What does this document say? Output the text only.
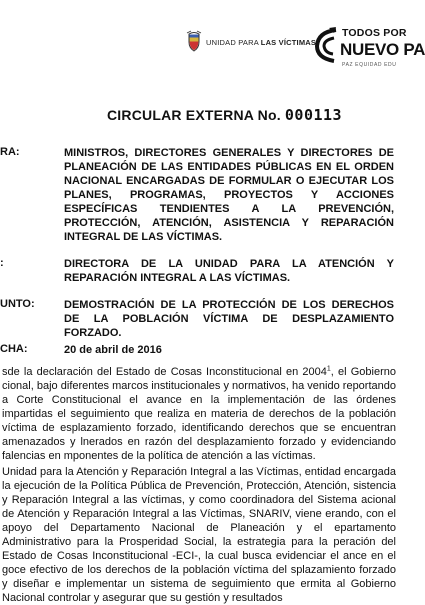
UNIDAD PARA LAS VÍCTIMAS
TODOS POR
NUEVO PA
PAZ EQUIDAD EDU
CIRCULAR EXTERNA No. 000113
RA:	MINISTROS, DIRECTORES GENERALES Y DIRECTORES DE PLANEACIÓN DE LAS ENTIDADES PÚBLICAS EN EL ORDEN NACIONAL ENCARGADAS DE FORMULAR O EJECUTAR LOS PLANES, PROGRAMAS, PROYECTOS Y ACCIONES ESPECÍFICAS TENDIENTES A LA PREVENCIÓN, PROTECCIÓN, ATENCIÓN, ASISTENCIA Y REPARACIÓN INTEGRAL DE LAS VÍCTIMAS.
:	DIRECTORA DE LA UNIDAD PARA LA ATENCIÓN Y REPARACIÓN INTEGRAL A LAS VÍCTIMAS.
UNTO:	DEMOSTRACIÓN DE LA PROTECCIÓN DE LOS DERECHOS DE LA POBLACIÓN VÍCTIMA DE DESPLAZAMIENTO FORZADO.
CHA:	20 de abril de 2016
sde la declaración del Estado de Cosas Inconstitucional en 2004$^1$, el Gobierno cional, bajo diferentes marcos institucionales y normativos, ha venido reportando a Corte Constitucional el avance en la implementación de las órdenes impartidas el seguimiento que realiza en materia de derechos de la población víctima de esplazamiento forzado, identificando derechos que se encuentran amenazados y lnerados en razón del desplazamiento forzado y evidenciando falencias en mponentes de la política de atención a las víctimas.
Unidad para la Atención y Reparación Integral a las Víctimas, entidad encargada la ejecución de la Política Pública de Prevención, Protección, Atención, sistencia y Reparación Integral a las víctimas, y como coordinadora del Sistema acional de Atención y Reparación Integral a las Víctimas, SNARIV, viene erando, con el apoyo del Departamento Nacional de Planeación y el epartamento Administrativo para la Prosperidad Social, la estrategia para la peración del Estado de Cosas Inconstitucional -ECI-, la cual busca evidenciar el ance en el goce efectivo de los derechos de la población víctima del splazamiento forzado y diseñar e implementar un sistema de seguimiento que ermita al Gobierno Nacional controlar y asegurar que su gestión y resultados
